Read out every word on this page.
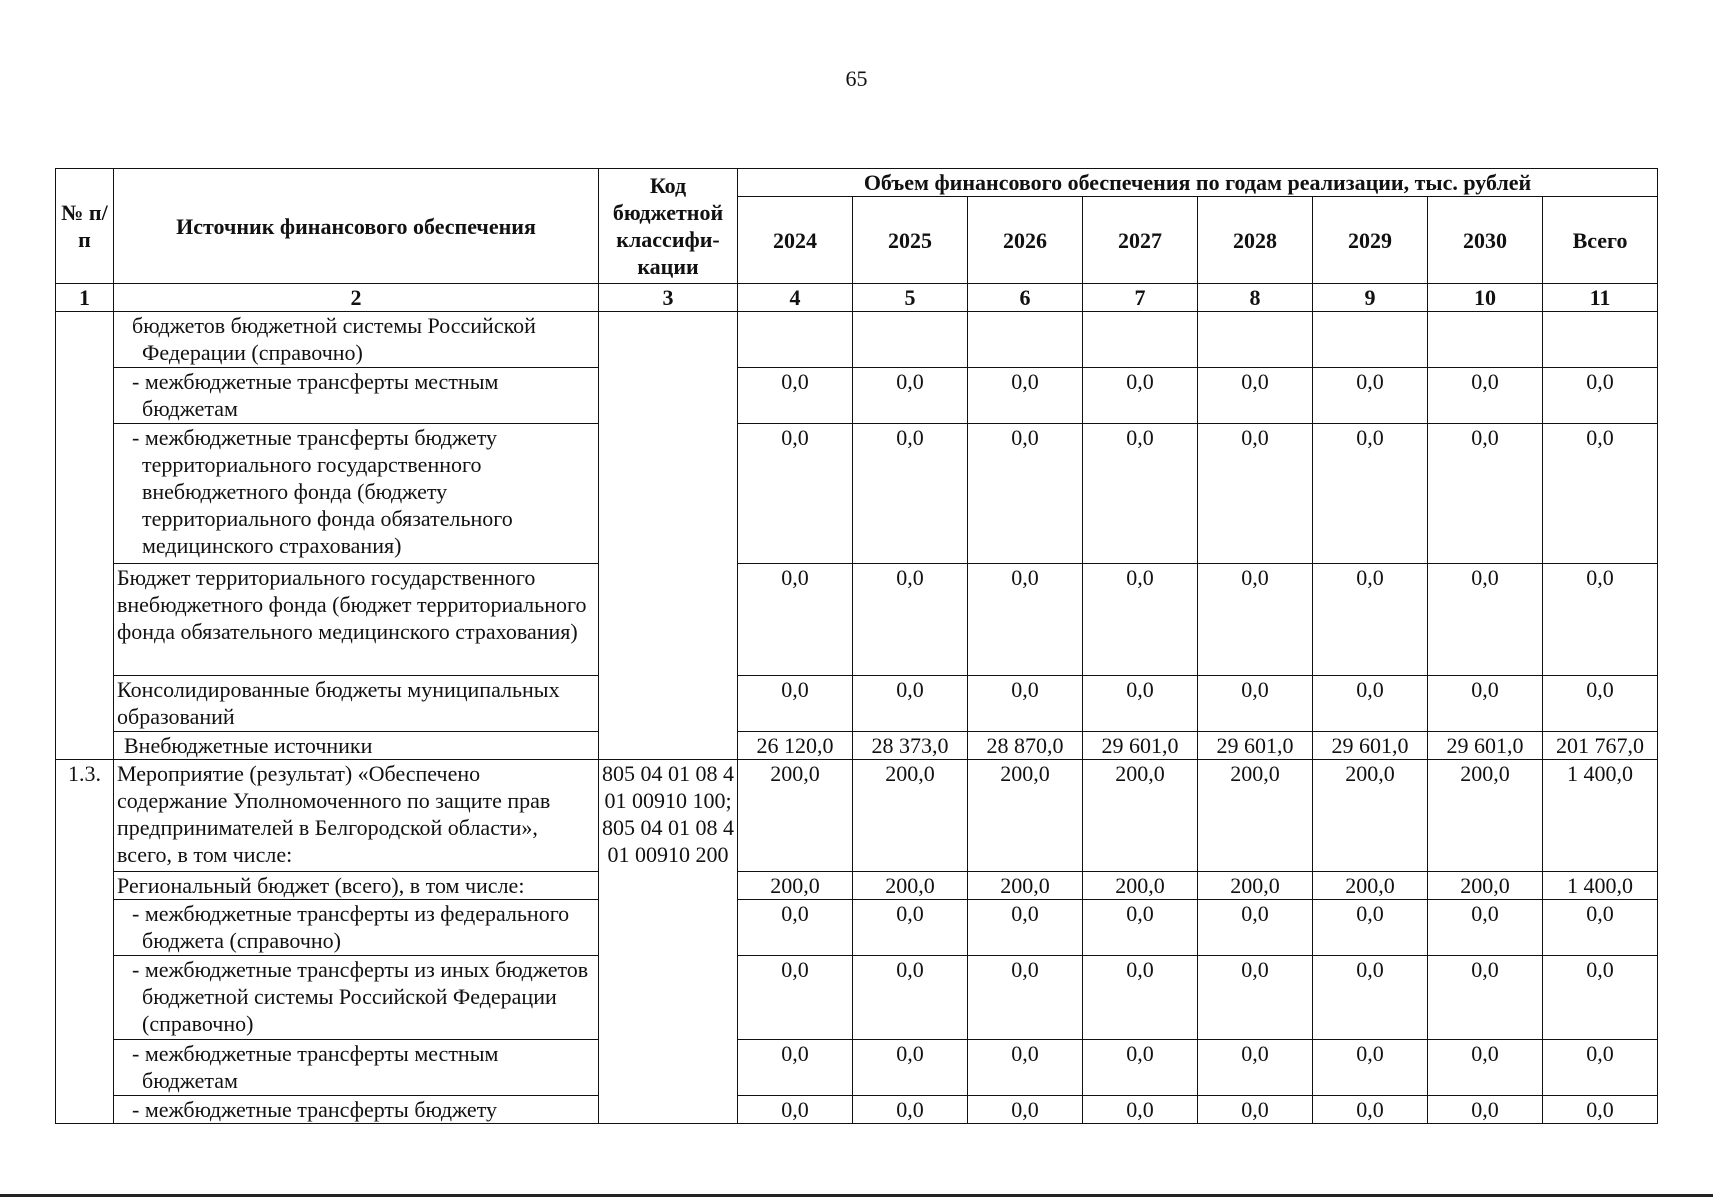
65
№ п/п	Источник финансового обеспечения	Код бюджетной классифи-кации	Объем финансового обеспечения по годам реализации, тыс. рублей							
			2024	2025	2026	2027	2028	2029	2030	Всего
1	2	3	4	5	6	7	8	9	10	11
	бюджетов бюджетной системы Российской Федерации (справочно)									
	- межбюджетные трансферты местным бюджетам		0,0	0,0	0,0	0,0	0,0	0,0	0,0	0,0
	- межбюджетные трансферты бюджету территориального государственного внебюджетного фонда (бюджету территориального фонда обязательного медицинского страхования)		0,0	0,0	0,0	0,0	0,0	0,0	0,0	0,0
	Бюджет территориального государственного внебюджетного фонда (бюджет территориального фонда обязательного медицинского страхования)		0,0	0,0	0,0	0,0	0,0	0,0	0,0	0,0
	Консолидированные бюджеты муниципальных образований		0,0	0,0	0,0	0,0	0,0	0,0	0,0	0,0
	Внебюджетные источники		26 120,0	28 373,0	28 870,0	29 601,0	29 601,0	29 601,0	29 601,0	201 767,0
1.3.	Мероприятие (результат) «Обеспечено содержание Уполномоченного по защите прав предпринимателей в Белгородской области», всего, в том числе:	805 04 01 08 4 01 00910 100; 805 04 01 08 4 01 00910 200	200,0	200,0	200,0	200,0	200,0	200,0	200,0	1 400,0
	Региональный бюджет (всего), в том числе:		200,0	200,0	200,0	200,0	200,0	200,0	200,0	1 400,0
	- межбюджетные трансферты из федерального бюджета (справочно)		0,0	0,0	0,0	0,0	0,0	0,0	0,0	0,0
	- межбюджетные трансферты из иных бюджетов бюджетной системы Российской Федерации (справочно)		0,0	0,0	0,0	0,0	0,0	0,0	0,0	0,0
	- межбюджетные трансферты местным бюджетам		0,0	0,0	0,0	0,0	0,0	0,0	0,0	0,0
	- межбюджетные трансферты бюджету		0,0	0,0	0,0	0,0	0,0	0,0	0,0	0,0
